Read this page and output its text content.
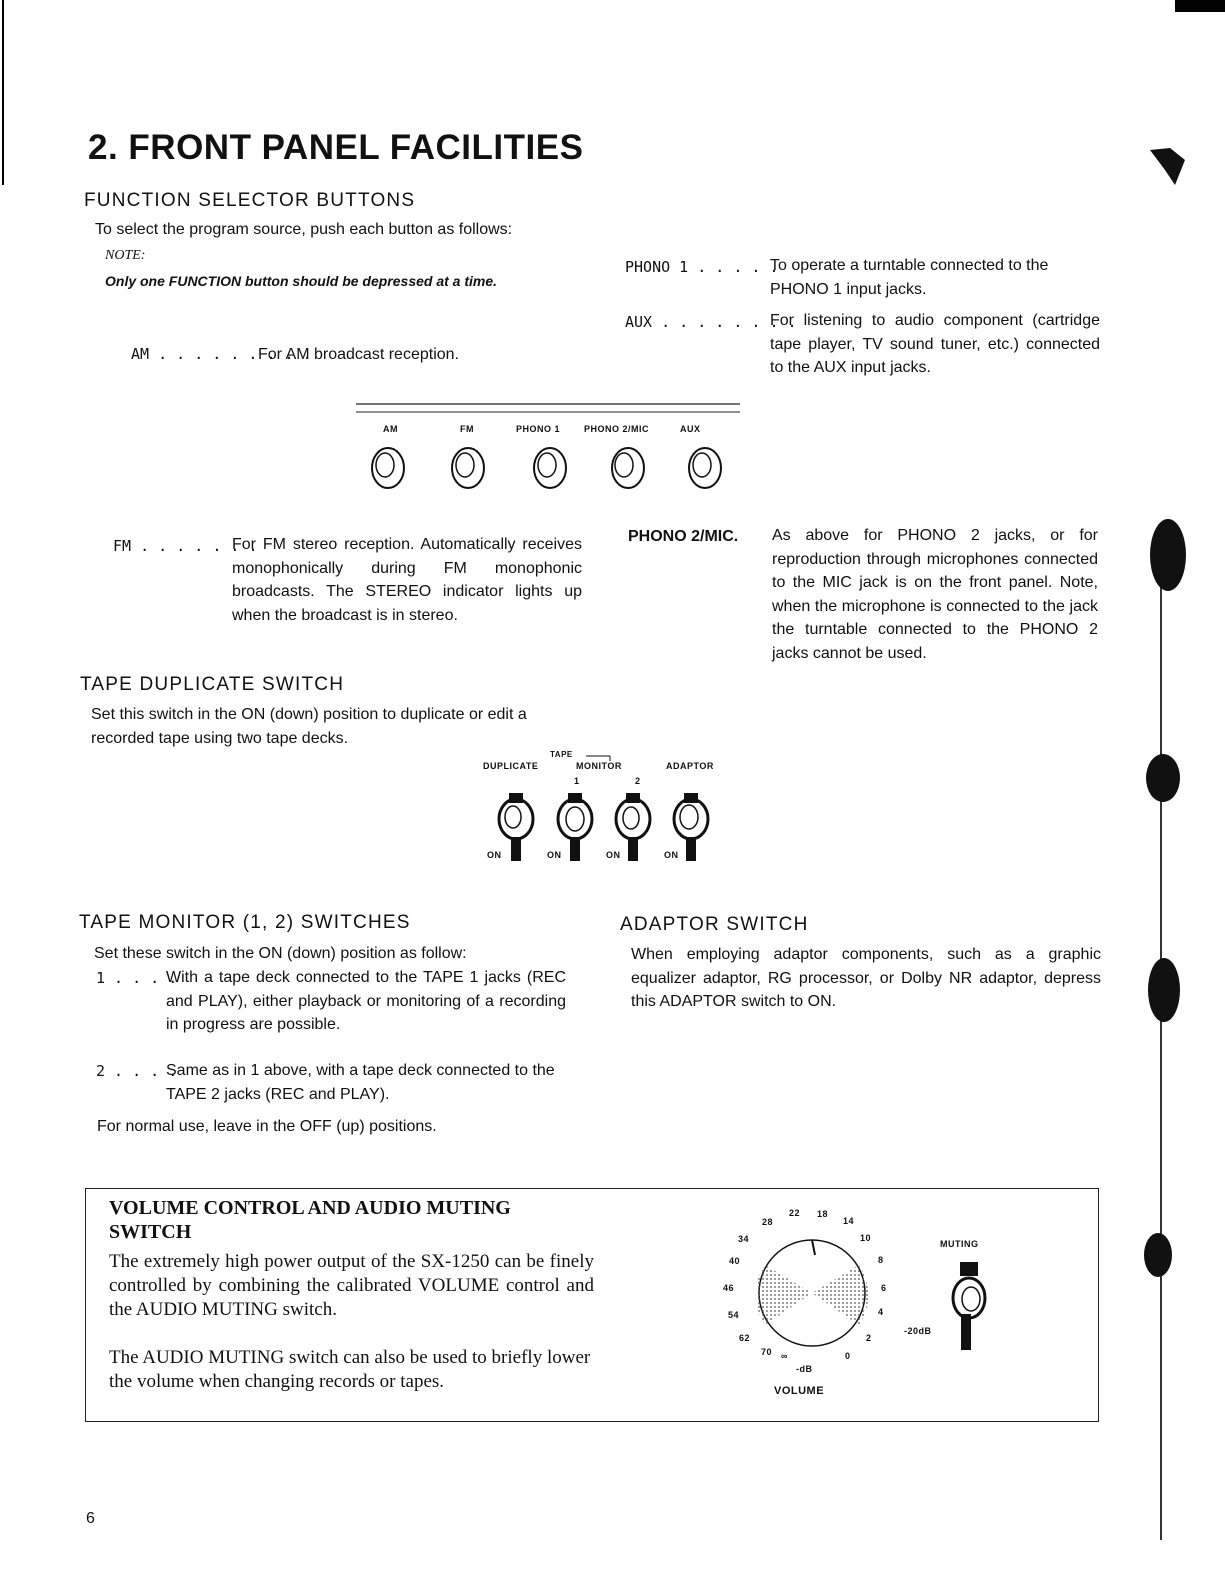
2. FRONT PANEL FACILITIES
FUNCTION SELECTOR BUTTONS
To select the program source, push each button as follows:
NOTE:
Only one FUNCTION button should be depressed at a time.
AM . . . . . . . . .
For AM broadcast reception.
PHONO 1 . . . . .
To operate a turntable connected to the PHONO 1 input jacks.
AUX . . . . . . . .
For listening to audio component (cartridge tape player, TV sound tuner, etc.) connected to the AUX input jacks.
AM	FM	PHONO 1	PHONO 2/MIC	AUX
FM . . . . . . .
For FM stereo reception. Automatically receives monophonically during FM monophonic broadcasts. The STEREO indicator lights up when the broadcast is in stereo.
PHONO 2/MIC. As above for PHONO 2 jacks, or for reproduction through microphones connected to the MIC jack is on the front panel. Note, when the microphone is connected to the jack the turntable connected to the PHONO 2 jacks cannot be used.
TAPE DUPLICATE SWITCH
Set this switch in the ON (down) position to duplicate or edit a recorded tape using two tape decks.
TAPE
DUPLICATE	MONITOR	ADAPTOR
1	2
ON	ON	ON	ON
TAPE MONITOR (1, 2) SWITCHES
Set these switch in the ON (down) position as follow:
1 . . . .
With a tape deck connected to the TAPE 1 jacks (REC and PLAY), either playback or monitoring of a recording in progress are possible.
2 . . . .
Same as in 1 above, with a tape deck connected to the TAPE 2 jacks (REC and PLAY).
For normal use, leave in the OFF (up) positions.
ADAPTOR SWITCH
When employing adaptor components, such as a graphic equalizer adaptor, RG processor, or Dolby NR adaptor, depress this ADAPTOR switch to ON.
VOLUME CONTROL AND AUDIO MUTING SWITCH
The extremely high power output of the SX-1250 can be finely controlled by combining the calibrated VOLUME control and the AUDIO MUTING switch.
The AUDIO MUTING switch can also be used to briefly lower the volume when changing records or tapes.
34
28
22 18
14
10
8
6
4
2
0
40
46
54
62
70 ∞
-dB
VOLUME
MUTING
-20dB
6
